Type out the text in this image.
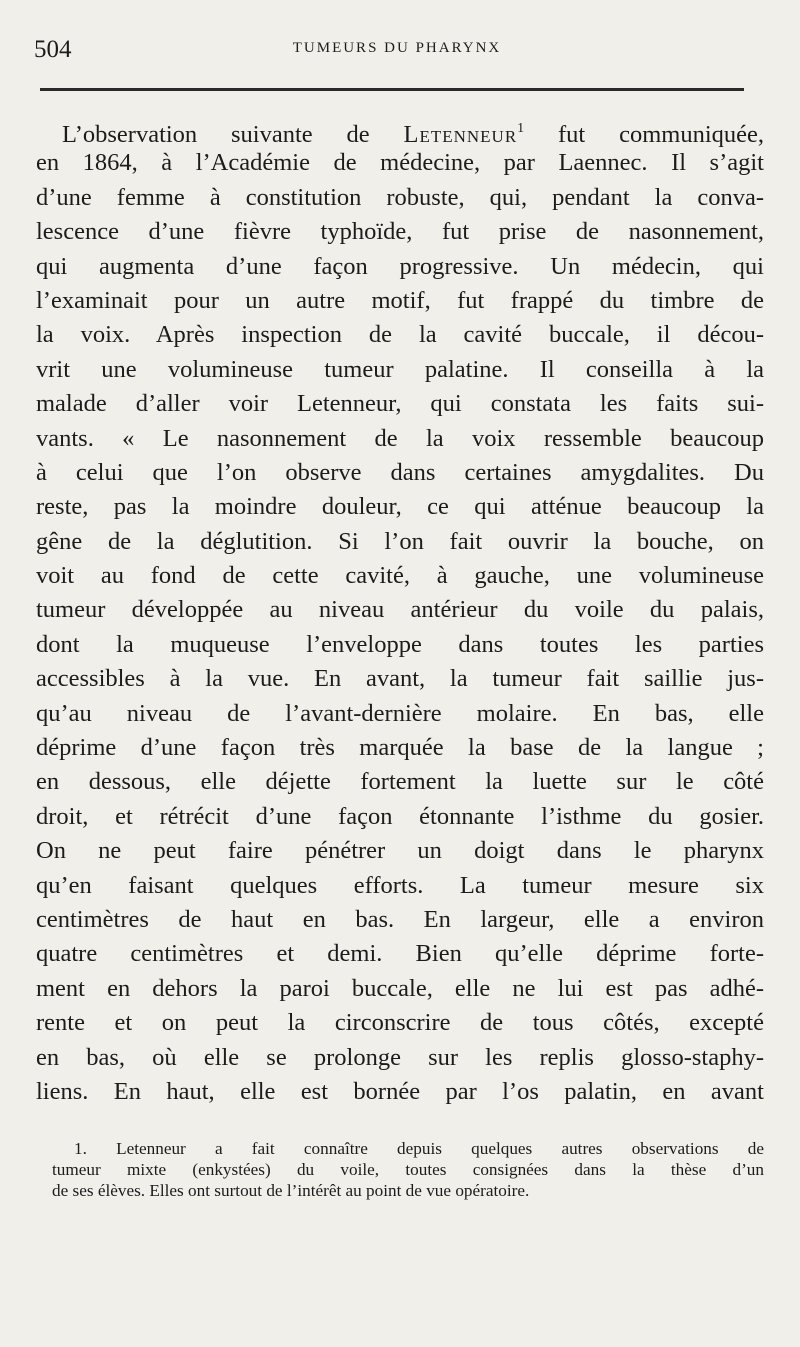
504	TUMEURS DU PHARYNX
L’observation suivante de Letenneur$^1$ fut communiquée,
en 1864, à l’Académie de médecine, par Laennec. Il s’agit
d’une femme à constitution robuste, qui, pendant la conva-
lescence d’une fièvre typhoïde, fut prise de nasonnement,
qui augmenta d’une façon progressive. Un médecin, qui
l’examinait pour un autre motif, fut frappé du timbre de
la voix. Après inspection de la cavité buccale, il décou-
vrit une volumineuse tumeur palatine. Il conseilla à la
malade d’aller voir Letenneur, qui constata les faits sui-
vants. « Le nasonnement de la voix ressemble beaucoup
à celui que l’on observe dans certaines amygdalites. Du
reste, pas la moindre douleur, ce qui atténue beaucoup la
gêne de la déglutition. Si l’on fait ouvrir la bouche, on
voit au fond de cette cavité, à gauche, une volumineuse
tumeur développée au niveau antérieur du voile du palais,
dont la muqueuse l’enveloppe dans toutes les parties
accessibles à la vue. En avant, la tumeur fait saillie jus-
qu’au niveau de l’avant-dernière molaire. En bas, elle
déprime d’une façon très marquée la base de la langue ;
en dessous, elle déjette fortement la luette sur le côté
droit, et rétrécit d’une façon étonnante l’isthme du gosier.
On ne peut faire pénétrer un doigt dans le pharynx
qu’en faisant quelques efforts. La tumeur mesure six
centimètres de haut en bas. En largeur, elle a environ
quatre centimètres et demi. Bien qu’elle déprime forte-
ment en dehors la paroi buccale, elle ne lui est pas adhé-
rente et on peut la circonscrire de tous côtés, excepté
en bas, où elle se prolonge sur les replis glosso-staphy-
liens. En haut, elle est bornée par l’os palatin, en avant
1. Letenneur a fait connaître depuis quelques autres observations de
tumeur mixte (enkystées) du voile, toutes consignées dans la thèse d’un
de ses élèves. Elles ont surtout de l’intérêt au point de vue opératoire.
